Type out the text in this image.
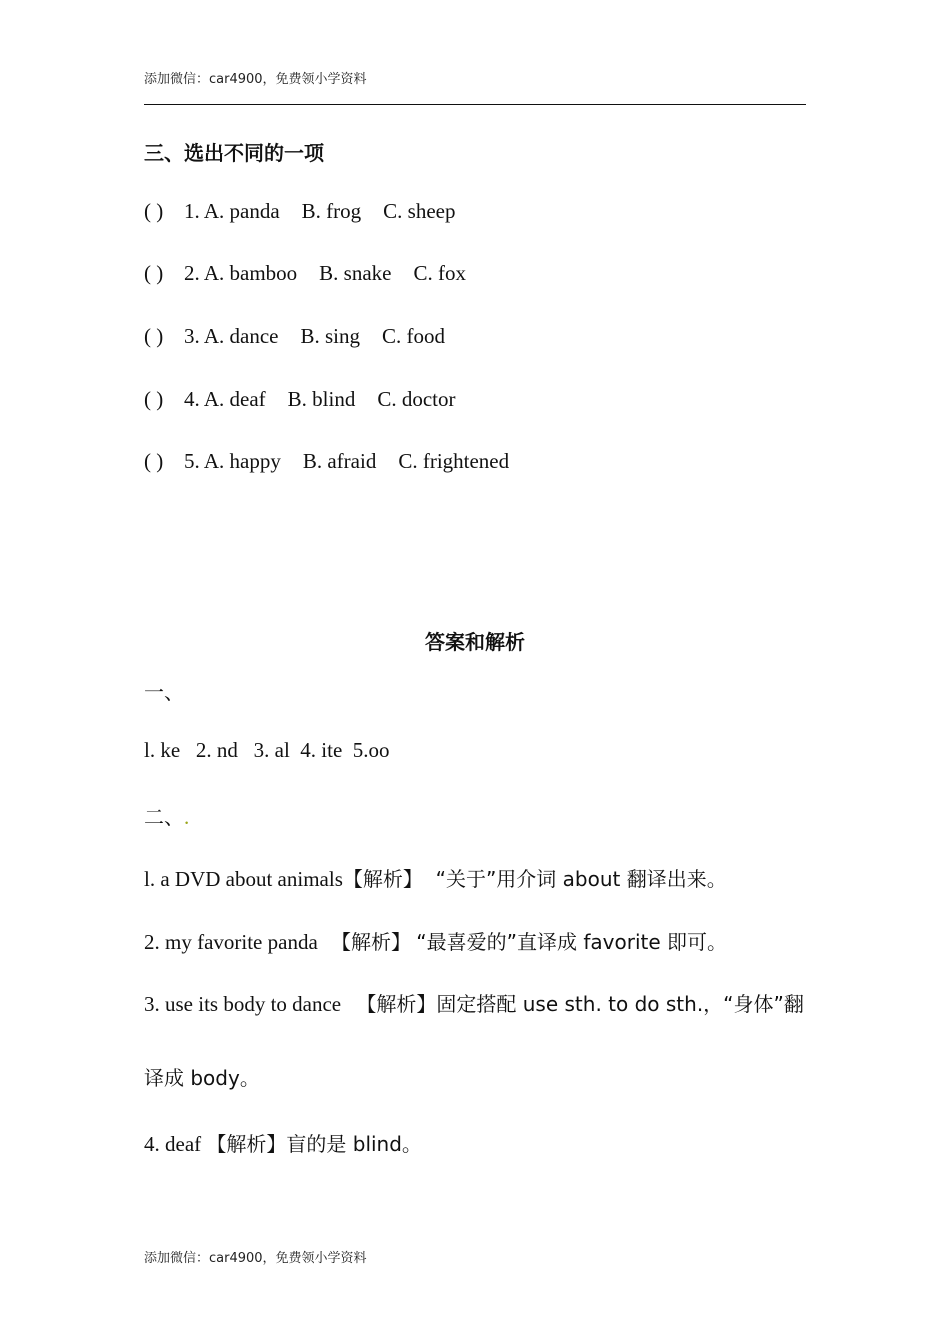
添加微信：car4900，免费领小学资料
三、选出不同的一项
( ) 1. A. panda B. frog C. sheep
( ) 2. A. bamboo B. snake C. fox
( ) 3. A. dance B. sing C. food
( ) 4. A. deaf B. blind C. doctor
( ) 5. A. happy B. afraid C. frightened
答案和解析
一、
l. ke   2. nd   3. al  4. ite  5.oo
二、.
l. a DVD about animals【解析】  “关于”用介词 about 翻译出来。
2. my favorite panda 【解析】 “最喜爱的”直译成 favorite 即可。
3. use its body to dance 【解析】固定搭配 use sth. to do sth.，“身体”翻译成 body。
4. deaf 【解析】盲的是 blind。
添加微信：car4900，免费领小学资料
